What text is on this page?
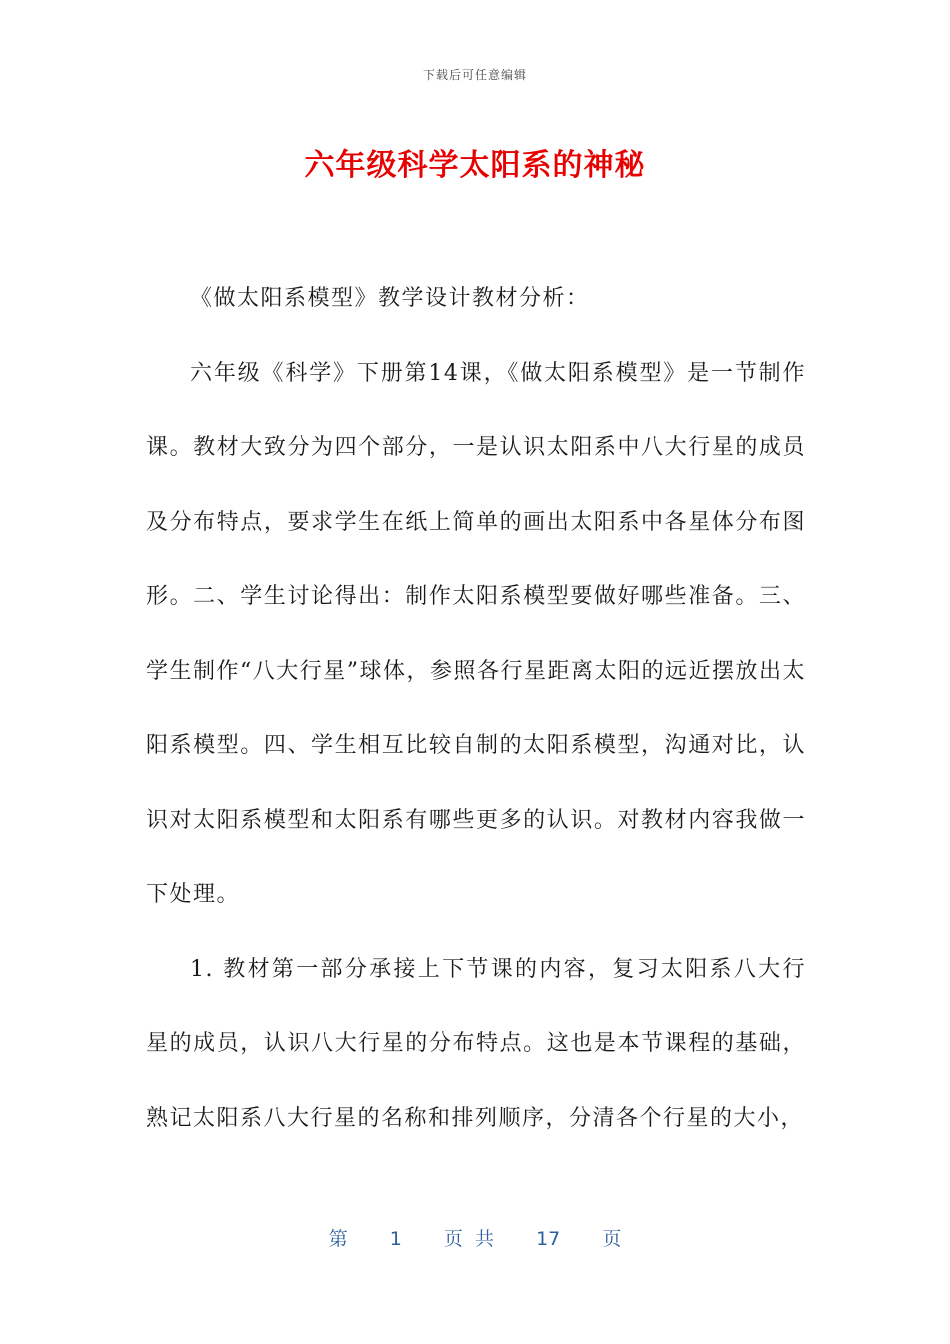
下载后可任意编辑
六年级科学太阳系的神秘

《做太阳系模型》教学设计教材分析：

六年级《科学》下册第14课，《做太阳系模型》是一节制作课。教材大致分为四个部分，一是认识太阳系中八大行星的成员及分布特点，要求学生在纸上简单的画出太阳系中各星体分布图形。二、学生讨论得出：制作太阳系模型要做好哪些准备。三、学生制作“八大行星”球体，参照各行星距离太阳的远近摆放出太阳系模型。四、学生相互比较自制的太阳系模型，沟通对比，认识对太阳系模型和太阳系有哪些更多的认识。对教材内容我做一下处理。

1. 教材第一部分承接上下节课的内容，复习太阳系八大行星的成员，认识八大行星的分布特点。这也是本节课程的基础，熟记太阳系八大行星的名称和排列顺序，分清各个行星的大小，

第 1 页 共 17 页
